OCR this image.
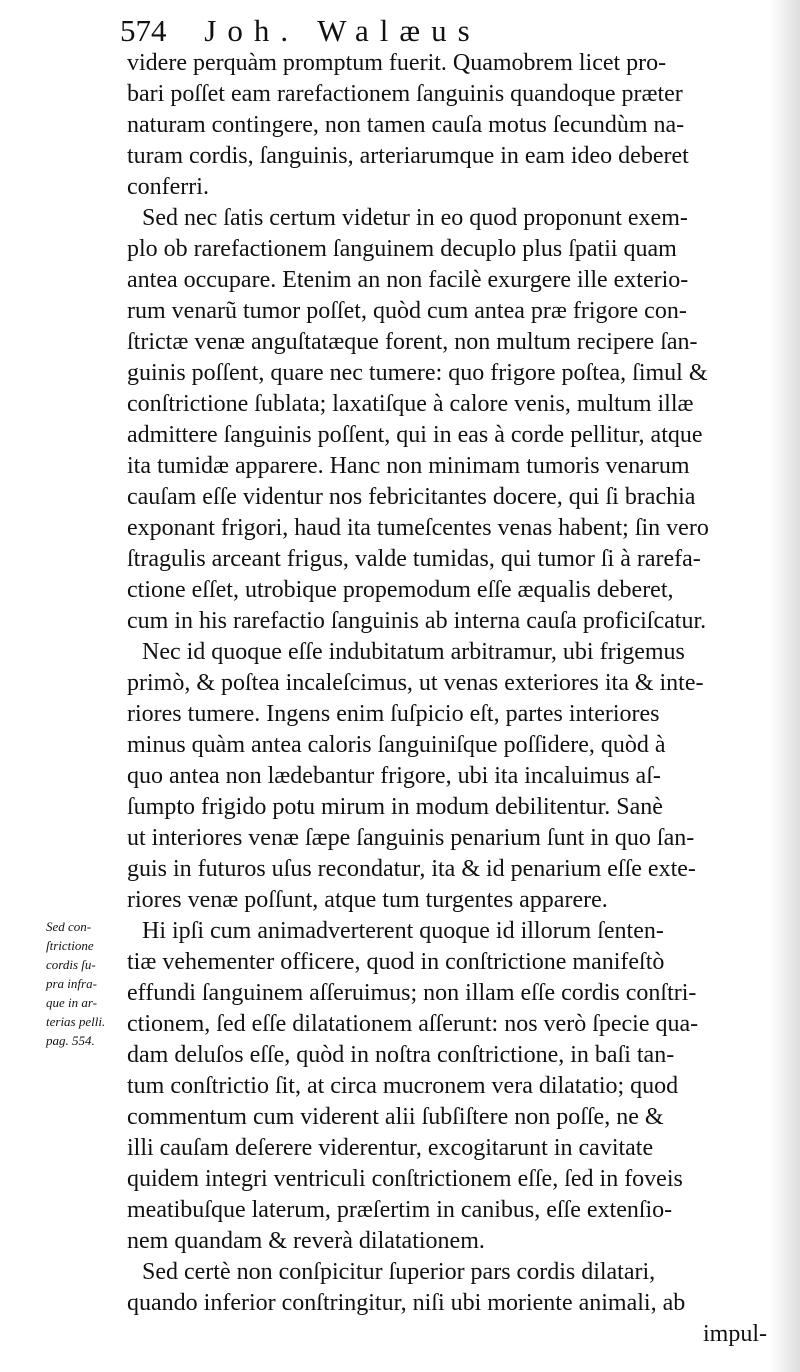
574 Joh. Walæus
videre perquàm promptum fuerit. Quamobrem licet pro-
bari poſſet eam rarefactionem ſanguinis quandoque præter
naturam contingere, non tamen cauſa motus ſecundùm na-
turam cordis, ſanguinis, arteriarumque in eam ideo deberet
conferri.
Sed nec ſatis certum videtur in eo quod proponunt exem-
plo ob rarefactionem ſanguinem decuplo plus ſpatii quam
antea occupare. Etenim an non facilè exurgere ille exterio-
rum venarũ tumor poſſet, quòd cum antea præ frigore con-
ſtrictæ venæ anguſtatæque forent, non multum recipere ſan-
guinis poſſent, quare nec tumere: quo frigore poſtea, ſimul &
conſtrictione ſublata; laxatiſque à calore venis, multum illæ
admittere ſanguinis poſſent, qui in eas à corde pellitur, atque
ita tumidæ apparere. Hanc non minimam tumoris venarum
cauſam eſſe videntur nos febricitantes docere, qui ſi brachia
exponant frigori, haud ita tumeſcentes venas habent; ſin vero
ſtragulis arceant frigus, valde tumidas, qui tumor ſi à rarefa-
ctione eſſet, utrobique propemodum eſſe æqualis deberet,
cum in his rarefactio ſanguinis ab interna cauſa proficiſcatur.
Nec id quoque eſſe indubitatum arbitramur, ubi frigemus
primò, & poſtea incaleſcimus, ut venas exteriores ita & inte-
riores tumere. Ingens enim ſuſpicio eſt, partes interiores
minus quàm antea caloris ſanguiniſque poſſidere, quòd à
quo antea non lædebantur frigore, ubi ita incaluimus aſ-
ſumpto frigido potu mirum in modum debilitentur. Sanè
ut interiores venæ ſæpe ſanguinis penarium ſunt in quo ſan-
guis in futuros uſus recondatur, ita & id penarium eſſe exte-
riores venæ poſſunt, atque tum turgentes apparere.
Hi ipſi cum animadverterent quoque id illorum ſenten-
tiæ vehementer officere, quod in conſtrictione manifeſtò
effundi ſanguinem aſſeruimus; non illam eſſe cordis conſtri-
ctionem, ſed eſſe dilatationem aſſerunt: nos verò ſpecie qua-
dam deluſos eſſe, quòd in noſtra conſtrictione, in baſi tan-
tum conſtrictio ſit, at circa mucronem vera dilatatio; quod
commentum cum viderent alii ſubſiſtere non poſſe, ne &
illi cauſam deſerere viderentur, excogitarunt in cavitate
quidem integri ventriculi conſtrictionem eſſe, ſed in foveis
meatibuſque laterum, præſertim in canibus, eſſe extenſio-
nem quandam & reverà dilatationem.
Sed certè non conſpicitur ſuperior pars cordis dilatari,
quando inferior conſtringitur, niſi ubi moriente animali, ab
impul-
Sed con-
ſtrictione
cordis ſu-
pra infra-
que in ar-
terias pelli.
pag. 554.
